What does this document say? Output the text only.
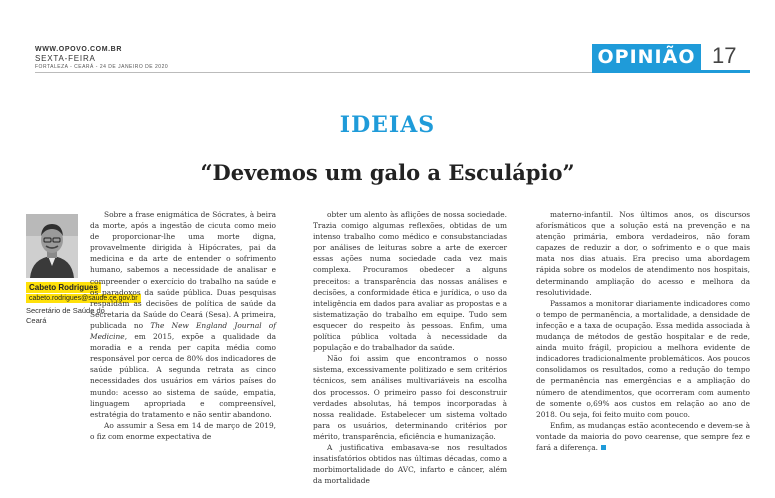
WWW.OPOVO.COM.BR
SEXTA-FEIRA
FORTALEZA - CEARÁ - 24 DE JANEIRO DE 2020	OPINIÃO 17
IDEIAS
“Devemos um galo a Esculápio”
Cabeto Rodrigues
cabeto.rodrigues@saude.ce.gov.br
Secretário de Saúde do Ceará

Sobre a frase enigmática de Sócrates, à beira da morte, após a ingestão de cicuta como meio de proporcionar-lhe uma morte digna, provavelmente dirigida à Hipócrates, pai da medicina e da arte de entender o sofrimento humano, sabemos a necessidade de analisar e compreender o exercício do trabalho na saúde e os paradoxos da saúde pública. Duas pesquisas respaldam as decisões de política de saúde da Secretaria da Saúde do Ceará (Sesa). A primeira, publicada no The New England Journal of Medicine, em 2015, expõe a qualidade da moradia e a renda per capita média como responsável por cerca de 80% dos indicadores de saúde pública. A segunda retrata as cinco necessidades dos usuários em vários países do mundo: acesso ao sistema de saúde, empatia, linguagem apropriada e compreensível, estratégia do tratamento e não sentir abandono.

Ao assumir a Sesa em 14 de março de 2019, o fiz com enorme expectativa de

obter um alento às aflições de nossa sociedade. Trazia comigo algumas reflexões, obtidas de um intenso trabalho como médico e consubstanciadas por análises de leituras sobre a arte de exercer essas ações numa sociedade cada vez mais complexa. Procuramos obedecer a alguns preceitos: a transparência das nossas análises e decisões, a conformidade ética e jurídica, o uso da inteligência em dados para avaliar as propostas e a sistematização do trabalho em equipe. Tudo sem esquecer do respeito às pessoas. Enfim, uma política pública voltada à necessidade da população e do trabalhador da saúde.

Não foi assim que encontramos o nosso sistema, excessivamente politizado e sem critérios técnicos, sem análises multivariáveis na escolha dos processos. O primeiro passo foi desconstruir verdades absolutas, há tempos incorporadas à nossa realidade. Estabelecer um sistema voltado para os usuários, determinando critérios por mérito, transparência, eficiência e humanização.

A justificativa embasava-se nos resultados insatisfatórios obtidos nas últimas décadas, como a morbimortalidade do AVC, infarto e câncer, além da mortalidade

materno-infantil. Nos últimos anos, os discursos aforísmáticos que a solução está na prevenção e na atenção primária, embora verdadeiros, não foram capazes de reduzir a dor, o sofrimento e o que mais mata nos dias atuais. Era preciso uma abordagem rápida sobre os modelos de atendimento nos hospitais, determinando ampliação do acesso e melhora da resolutividade.

Passamos a monitorar diariamente indicadores como o tempo de permanência, a mortalidade, a densidade de infecção e a taxa de ocupação. Essa medida associada à mudança de métodos de gestão hospitalar e de rede, ainda muito frágil, propiciou a melhora evidente de indicadores tradicionalmente problemáticos. Aos poucos consolidamos os resultados, como a redução do tempo de permanência nas emergências e a ampliação do número de atendimentos, que ocorreram com aumento de somente o,69% aos custos em relação ao ano de 2018. Ou seja, foi feito muito com pouco.

Enfim, as mudanças estão acontecendo e devem-se à vontade da maioria do povo cearense, que sempre fez e fará a diferença.
